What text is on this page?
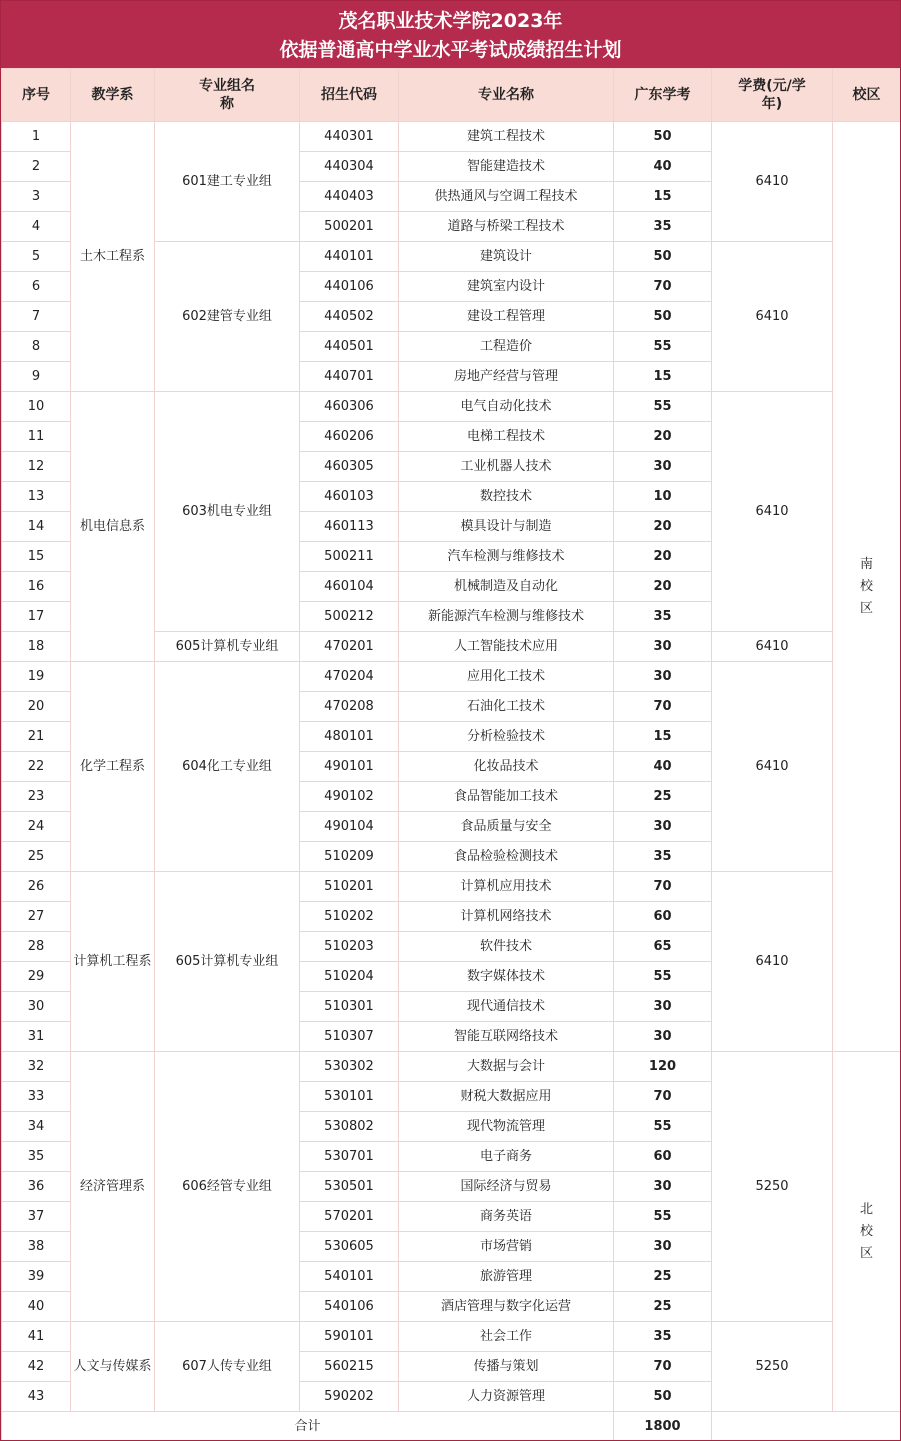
茂名职业技术学院2023年
依据普通高中学业水平考试成绩招生计划
序号	教学系	专业组名称	招生代码	专业名称	广东学考	学费(元/学年)	校区
1	土木工程系	601建工专业组	440301	建筑工程技术	50	6410	南校区
2			440304	智能建造技术	40		
3			440403	供热通风与空调工程技术	15		
4			500201	道路与桥梁工程技术	35		
5		602建管专业组	440101	建筑设计	50	6410	
6			440106	建筑室内设计	70		
7			440502	建设工程管理	50		
8			440501	工程造价	55		
9			440701	房地产经营与管理	15		
10	机电信息系	603机电专业组	460306	电气自动化技术	55	6410	
11			460206	电梯工程技术	20		
12			460305	工业机器人技术	30		
13			460103	数控技术	10		
14			460113	模具设计与制造	20		
15			500211	汽车检测与维修技术	20		
16			460104	机械制造及自动化	20		
17			500212	新能源汽车检测与维修技术	35		
18		605计算机专业组	470201	人工智能技术应用	30	6410	
19	化学工程系	604化工专业组	470204	应用化工技术	30	6410	
20			470208	石油化工技术	70		
21			480101	分析检验技术	15		
22			490101	化妆品技术	40		
23			490102	食品智能加工技术	25		
24			490104	食品质量与安全	30		
25			510209	食品检验检测技术	35		
26	计算机工程系	605计算机专业组	510201	计算机应用技术	70	6410	
27			510202	计算机网络技术	60		
28			510203	软件技术	65		
29			510204	数字媒体技术	55		
30			510301	现代通信技术	30		
31			510307	智能互联网络技术	30		
32	经济管理系	606经管专业组	530302	大数据与会计	120	5250	北校区
33			530101	财税大数据应用	70		
34			530802	现代物流管理	55		
35			530701	电子商务	60		
36			530501	国际经济与贸易	30		
37			570201	商务英语	55		
38			530605	市场营销	30		
39			540101	旅游管理	25		
40			540106	酒店管理与数字化运营	25		
41	人文与传媒系	607人传专业组	590101	社会工作	35	5250	
42			560215	传播与策划	70		
43			590202	人力资源管理	50		
合计					1800		
